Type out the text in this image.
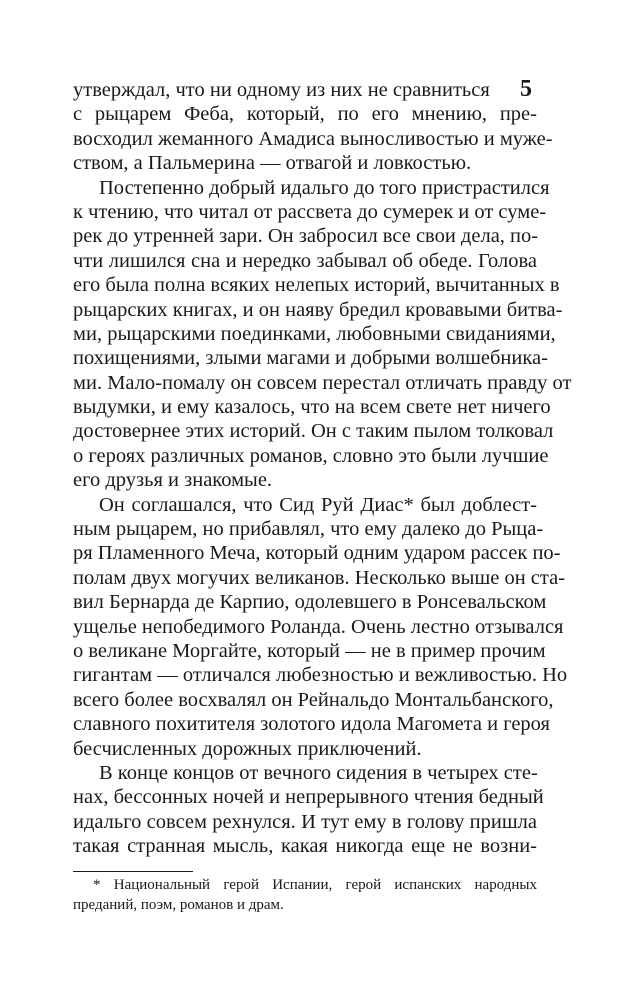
5
утверждал, что ни одному из них не сравниться
с рыцарем Феба, который, по его мнению, пре-
восходил жеманного Амадиса выносливостью и муже-
ством, а Пальмерина — отвагой и ловкостью.
Постепенно добрый идальго до того пристрастился
к чтению, что читал от рассвета до сумерек и от суме-
рек до утренней зари. Он забросил все свои дела, по-
чти лишился сна и нередко забывал об обеде. Голова
его была полна всяких нелепых историй, вычитанных в
рыцарских книгах, и он наяву бредил кровавыми битва-
ми, рыцарскими поединками, любовными свиданиями,
похищениями, злыми магами и добрыми волшебника-
ми. Мало-помалу он совсем перестал отличать правду от
выдумки, и ему казалось, что на всем свете нет ничего
достовернее этих историй. Он с таким пылом толковал
о героях различных романов, словно это были лучшие
его друзья и знакомые.
Он соглашался, что Сид Руй Диас* был доблест-
ным рыцарем, но прибавлял, что ему далеко до Рыца-
ря Пламенного Меча, который одним ударом рассек по-
полам двух могучих великанов. Несколько выше он ста-
вил Бернарда де Карпио, одолевшего в Ронсевальском
ущелье непобедимого Роланда. Очень лестно отзывался
о великане Моргайте, который — не в пример прочим
гигантам — отличался любезностью и вежливостью. Но
всего более восхвалял он Рейнальдо Монтальбанского,
славного похитителя золотого идола Магомета и героя
бесчисленных дорожных приключений.
В конце концов от вечного сидения в четырех сте-
нах, бессонных ночей и непрерывного чтения бедный
идальго совсем рехнулся. И тут ему в голову пришла
такая странная мысль, какая никогда еще не возни-
* Национальный герой Испании, герой испанских народных
преданий, поэм, романов и драм.
